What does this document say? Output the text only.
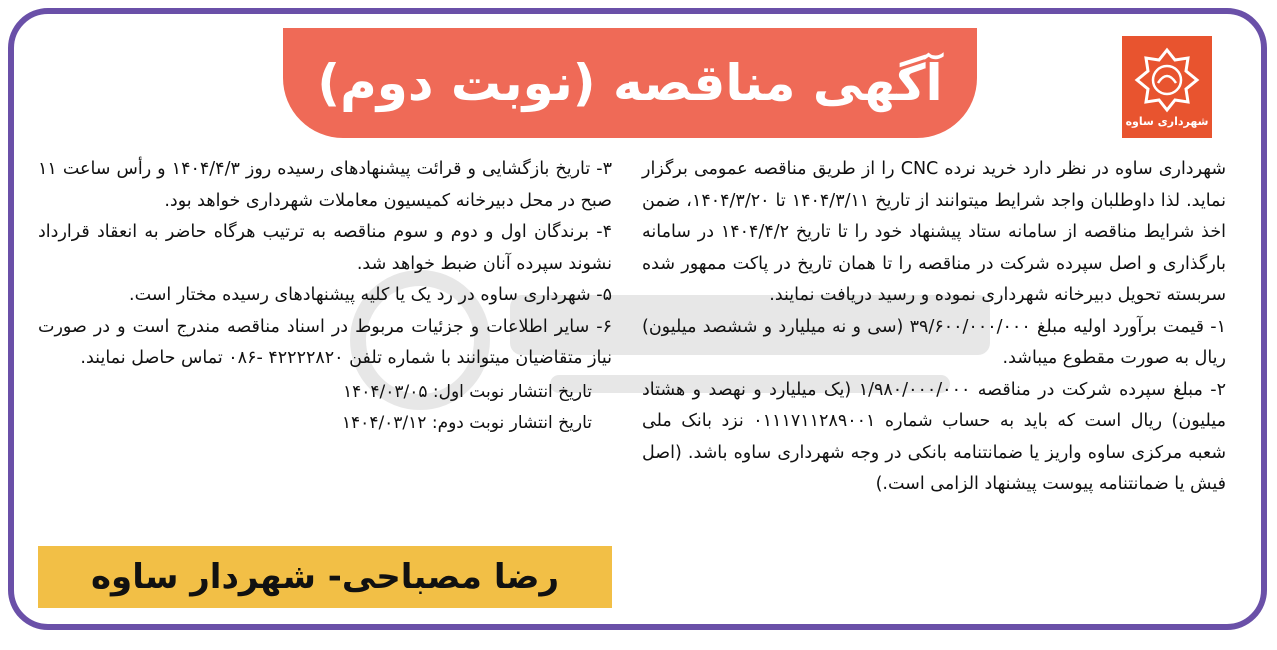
آگهی مناقصه (نوبت دوم)
شهرداری ساوه

شهرداری ساوه در نظر دارد خرید نرده CNC را از طریق مناقصه عمومی برگزار نماید. لذا داوطلبان واجد شرایط میتوانند از تاریخ ۱۴۰۴/۳/۱۱ تا ۱۴۰۴/۳/۲۰، ضمن اخذ شرایط مناقصه از سامانه ستاد پیشنهاد خود را تا تاریخ ۱۴۰۴/۴/۲ در سامانه بارگذاری و اصل سپرده شرکت در مناقصه را تا همان تاریخ در پاکت ممهور شده سربسته تحویل دبیرخانه شهرداری نموده و رسید دریافت نمایند.

۱- قیمت برآورد اولیه مبلغ ۳۹/۶۰۰/۰۰۰/۰۰۰ (سی و نه میلیارد و ششصد میلیون) ریال به صورت مقطوع میباشد.

۲- مبلغ سپرده شرکت در مناقصه ۱/۹۸۰/۰۰۰/۰۰۰ (یک میلیارد و نهصد و هشتاد میلیون) ریال است که باید به حساب شماره ۰۱۱۱۷۱۱۲۸۹۰۰۱ نزد بانک ملی شعبه مرکزی ساوه واریز یا ضمانتنامه بانکی در وجه شهرداری ساوه باشد. (اصل فیش یا ضمانتنامه پیوست پیشنهاد الزامی است.)

۳- تاریخ بازگشایی و قرائت پیشنهادهای رسیده روز ۱۴۰۴/۴/۳ و رأس ساعت ۱۱ صبح در محل دبیرخانه کمیسیون معاملات شهرداری خواهد بود.

۴- برندگان اول و دوم و سوم مناقصه به ترتیب هرگاه حاضر به انعقاد قرارداد نشوند سپرده آنان ضبط خواهد شد.

۵- شهرداری ساوه در رد یک یا کلیه پیشنهادهای رسیده مختار است.

۶- سایر اطلاعات و جزئیات مربوط در اسناد مناقصه مندرج است و در صورت نیاز متقاضیان میتوانند با شماره تلفن ۴۲۲۲۲۸۲۰ -۰۸۶ تماس حاصل نمایند.

تاریخ انتشار نوبت اول: ۱۴۰۴/۰۳/۰۵

تاریخ انتشار نوبت دوم: ۱۴۰۴/۰۳/۱۲

رضا مصباحی- شهردار ساوه
